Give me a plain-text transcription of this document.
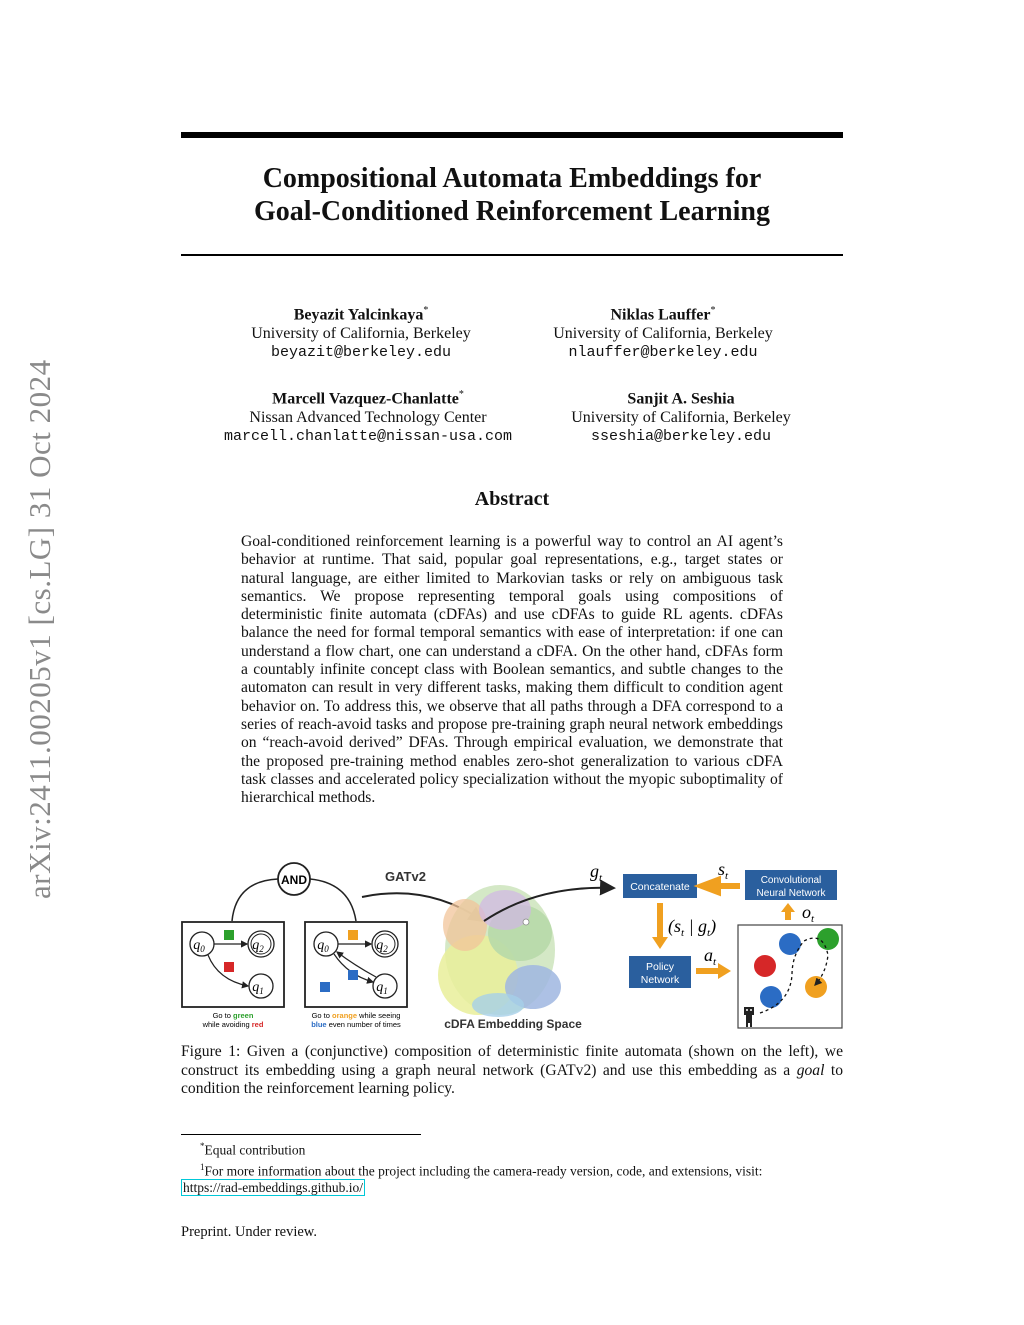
arXiv:2411.00205v1 [cs.LG] 31 Oct 2024
Compositional Automata Embeddings for
Goal-Conditioned Reinforcement Learning
Beyazit Yalcinkaya*
University of California, Berkeley
beyazit@berkeley.edu
Niklas Lauffer*
University of California, Berkeley
nlauffer@berkeley.edu
Marcell Vazquez-Chanlatte*
Nissan Advanced Technology Center
marcell.chanlatte@nissan-usa.com
Sanjit A. Seshia
University of California, Berkeley
sseshia@berkeley.edu
Abstract
Goal-conditioned reinforcement learning is a powerful way to control an AI agent’s behavior at runtime. That said, popular goal representations, e.g., target states or natural language, are either limited to Markovian tasks or rely on ambiguous task semantics. We propose representing temporal goals using compositions of deterministic finite automata (cDFAs) and use cDFAs to guide RL agents. cDFAs balance the need for formal temporal semantics with ease of interpretation: if one can understand a flow chart, one can understand a cDFA. On the other hand, cDFAs form a countably infinite concept class with Boolean semantics, and subtle changes to the automaton can result in very different tasks, making them difficult to condition agent behavior on. To address this, we observe that all paths through a DFA correspond to a series of reach-avoid tasks and propose pre-training graph neural network embeddings on “reach-avoid derived” DFAs. Through empirical evaluation, we demonstrate that the proposed pre-training method enables zero-shot generalization to various cDFA task classes and accelerated policy specialization without the myopic suboptimality of hierarchical methods.
AND
$q_0$	$q_2$
$q_1$
Go to green
while avoiding red
$q_0$	$q_2$
$q_1$
Go to orange while seeing
blue even number of times
GATv2
cDFA Embedding Space
$g_t$
Concatenate
$s_t$	Convolutional
Neural Network
$o_t$
($s_t$ | $g_t$)
Policy
Network
$a_t$
Figure 1: Given a (conjunctive) composition of deterministic finite automata (shown on the left), we construct its embedding using a graph neural network (GATv2) and use this embedding as a goal to condition the reinforcement learning policy.
*Equal contribution
$^1$For more information about the project including the camera-ready version, code, and extensions, visit:
https://rad-embeddings.github.io/
Preprint. Under review.
